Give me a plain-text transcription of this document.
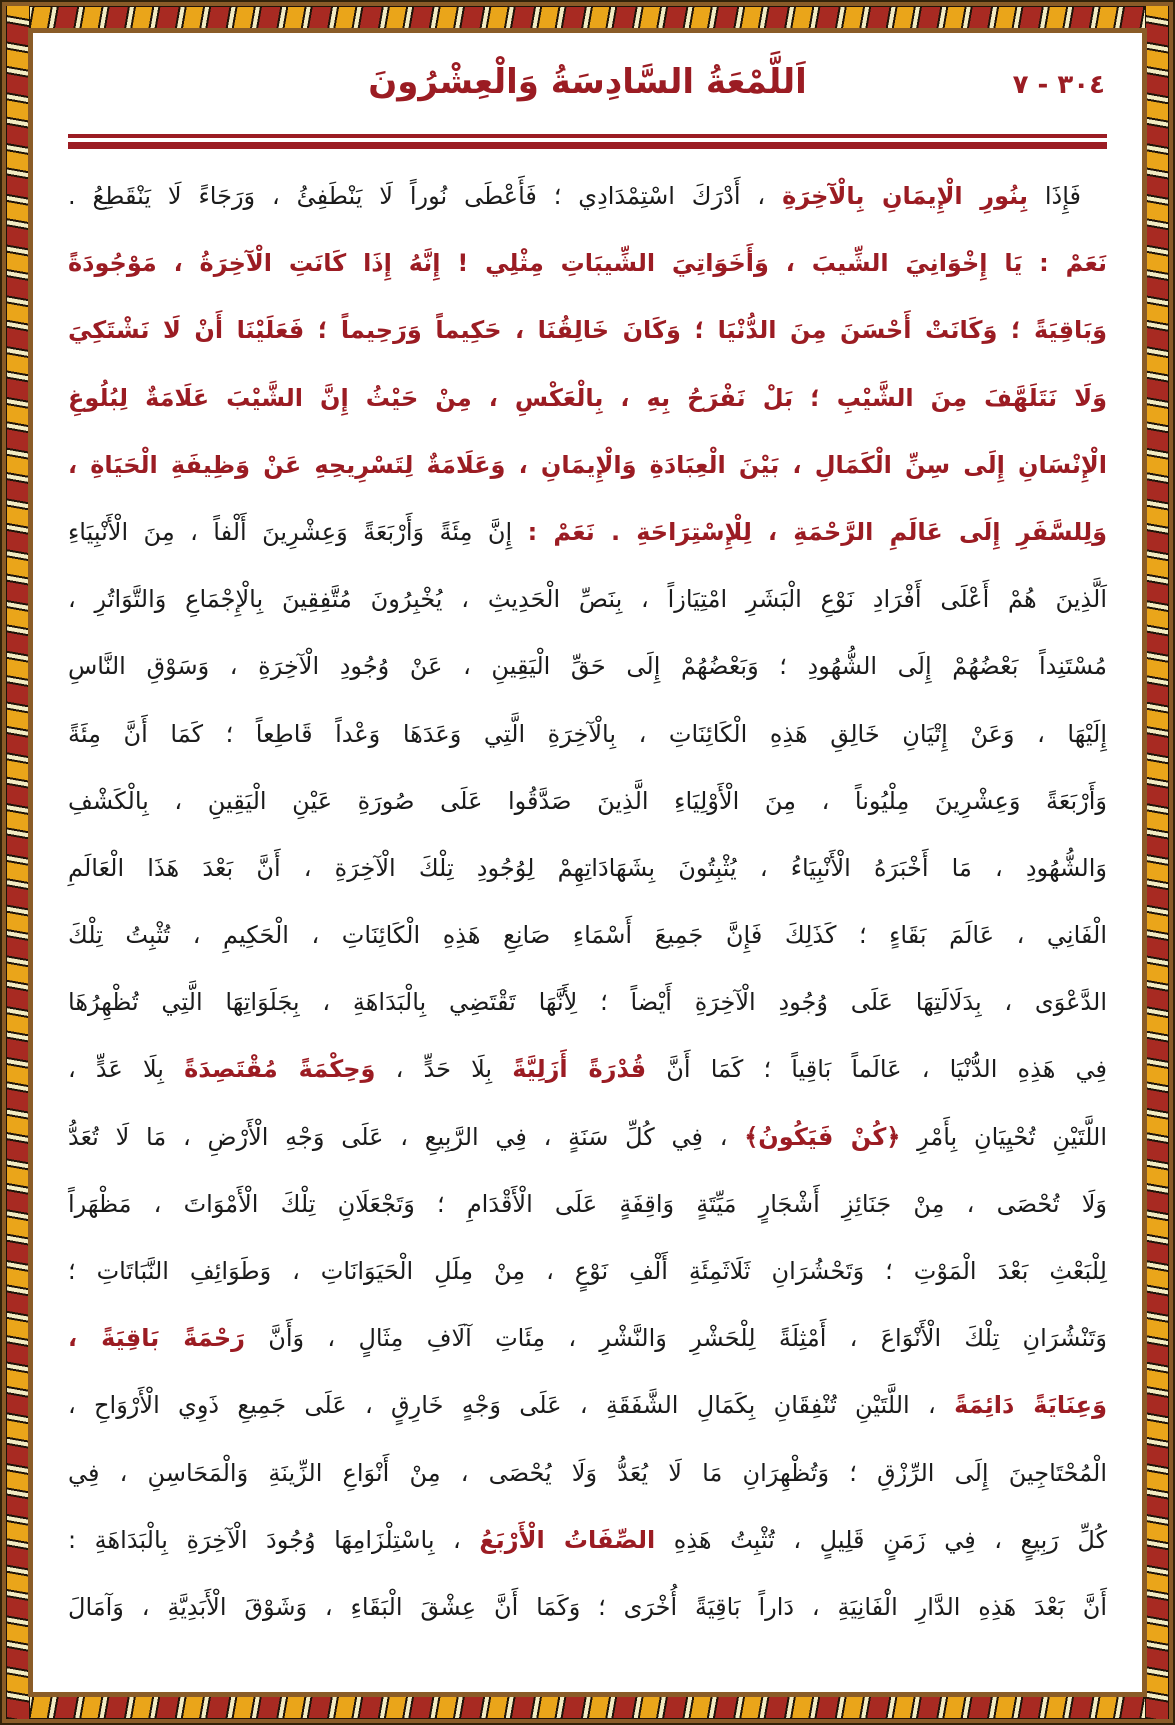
اَللَّمْعَةُ السَّادِسَةُ وَالْعِشْرُونَ	٣٠٤ - ٧
فَإِذَا بِنُورِ الْإِيمَانِ بِالْآخِرَةِ ، أَدْرَكَ اسْتِمْدَادِي ؛ فَأَعْطَى نُوراً لَا يَنْطَفِئُ ، وَرَجَاءً لَا يَنْقَطِعُ .
نَعَمْ : يَا إِخْوَانِيَ الشِّيبَ ، وَأَخَوَاتِيَ الشِّيبَاتِ مِثْلِي ! إِنَّهُ إِذَا كَانَتِ الْآخِرَةُ ، مَوْجُودَةً
وَبَاقِيَةً ؛ وَكَانَتْ أَحْسَنَ مِنَ الدُّنْيَا ؛ وَكَانَ خَالِقُنَا ، حَكِيماً وَرَحِيماً ؛ فَعَلَيْنَا أَنْ لَا نَشْتَكِيَ
وَلَا نَتَلَهَّفَ مِنَ الشَّيْبِ ؛ بَلْ نَفْرَحُ بِهِ ، بِالْعَكْسِ ، مِنْ حَيْثُ إِنَّ الشَّيْبَ عَلَامَةٌ لِبُلُوغِ
الْإِنْسَانِ إِلَى سِنِّ الْكَمَالِ ، بَيْنَ الْعِبَادَةِ وَالْإِيمَانِ ، وَعَلَامَةٌ لِتَسْرِيحِهِ عَنْ وَظِيفَةِ الْحَيَاةِ ،
وَلِلسَّفَرِ إِلَى عَالَمِ الرَّحْمَةِ ، لِلْإِسْتِرَاحَةِ . نَعَمْ : إِنَّ مِئَةً وَأَرْبَعَةً وَعِشْرِينَ أَلْفاً ، مِنَ الْأَنْبِيَاءِ
اَلَّذِينَ هُمْ أَعْلَى أَفْرَادِ نَوْعِ الْبَشَرِ امْتِيَازاً ، بِنَصِّ الْحَدِيثِ ، يُخْبِرُونَ مُتَّفِقِينَ بِالْإِجْمَاعِ وَالتَّوَاتُرِ ،
مُسْتَنِداً بَعْضُهُمْ إِلَى الشُّهُودِ ؛ وَبَعْضُهُمْ إِلَى حَقِّ الْيَقِينِ ، عَنْ وُجُودِ الْآخِرَةِ ، وَسَوْقِ النَّاسِ
إِلَيْهَا ، وَعَنْ إِتْيَانِ خَالِقِ هَذِهِ الْكَائِنَاتِ ، بِالْآخِرَةِ الَّتِي وَعَدَهَا وَعْداً قَاطِعاً ؛ كَمَا أَنَّ مِئَةً
وَأَرْبَعَةً وَعِشْرِينَ مِلْيُوناً ، مِنَ الْأَوْلِيَاءِ الَّذِينَ صَدَّقُوا عَلَى صُورَةِ عَيْنِ الْيَقِينِ ، بِالْكَشْفِ
وَالشُّهُودِ ، مَا أَخْبَرَهُ الْأَنْبِيَاءُ ، يُثْبِتُونَ بِشَهَادَاتِهِمْ لِوُجُودِ تِلْكَ الْآخِرَةِ ، أَنَّ بَعْدَ هَذَا الْعَالَمِ
الْفَانِي ، عَالَمَ بَقَاءٍ ؛ كَذَلِكَ فَإِنَّ جَمِيعَ أَسْمَاءِ صَانِعِ هَذِهِ الْكَائِنَاتِ ، الْحَكِيمِ ، تُثْبِتُ تِلْكَ
الدَّعْوَى ، بِدَلَالَتِهَا عَلَى وُجُودِ الْآخِرَةِ أَيْضاً ؛ لِأَنَّهَا تَقْتَضِي بِالْبَدَاهَةِ ، بِجَلَوَاتِهَا الَّتِي تُظْهِرُهَا
فِي هَذِهِ الدُّنْيَا ، عَالَماً بَاقِياً ؛ كَمَا أَنَّ قُدْرَةً أَزَلِيَّةً بِلَا حَدٍّ ، وَحِكْمَةً مُقْتَصِدَةً بِلَا عَدٍّ ،
اللَّتَيْنِ تُحْيِيَانِ بِأَمْرِ ﴿كُنْ فَيَكُونُ﴾ ، فِي كُلِّ سَنَةٍ ، فِي الرَّبِيعِ ، عَلَى وَجْهِ الْأَرْضِ ، مَا لَا تُعَدُّ
وَلَا تُحْصَى ، مِنْ جَنَائِزِ أَشْجَارٍ مَيِّتَةٍ وَاقِفَةٍ عَلَى الْأَقْدَامِ ؛ وَتَجْعَلَانِ تِلْكَ الْأَمْوَاتَ ، مَظْهَراً
لِلْبَعْثِ بَعْدَ الْمَوْتِ ؛ وَتَحْشُرَانِ ثَلَاثَمِئَةِ أَلْفِ نَوْعٍ ، مِنْ مِلَلِ الْحَيَوَانَاتِ ، وَطَوَائِفِ النَّبَاتَاتِ ؛
وَتَنْشُرَانِ تِلْكَ الْأَنْوَاعَ ، أَمْثِلَةً لِلْحَشْرِ وَالنَّشْرِ ، مِئَاتِ آلَافِ مِثَالٍ ، وَأَنَّ رَحْمَةً بَاقِيَةً ،
وَعِنَايَةً دَائِمَةً ، اللَّتَيْنِ تُنْفِقَانِ بِكَمَالِ الشَّفَقَةِ ، عَلَى وَجْهٍ خَارِقٍ ، عَلَى جَمِيعِ ذَوِي الْأَرْوَاحِ ،
الْمُحْتَاجِينَ إِلَى الرِّزْقِ ؛ وَتُظْهِرَانِ مَا لَا يُعَدُّ وَلَا يُحْصَى ، مِنْ أَنْوَاعِ الزِّينَةِ وَالْمَحَاسِنِ ، فِي
كُلِّ رَبِيعٍ ، فِي زَمَنٍ قَلِيلٍ ، تُثْبِتُ هَذِهِ الصِّفَاتُ الْأَرْبَعُ ، بِاسْتِلْزَامِهَا وُجُودَ الْآخِرَةِ بِالْبَدَاهَةِ :
أَنَّ بَعْدَ هَذِهِ الدَّارِ الْفَانِيَةِ ، دَاراً بَاقِيَةً أُخْرَى ؛ وَكَمَا أَنَّ عِشْقَ الْبَقَاءِ ، وَشَوْقَ الْأَبَدِيَّةِ ، وَآمَالَ
